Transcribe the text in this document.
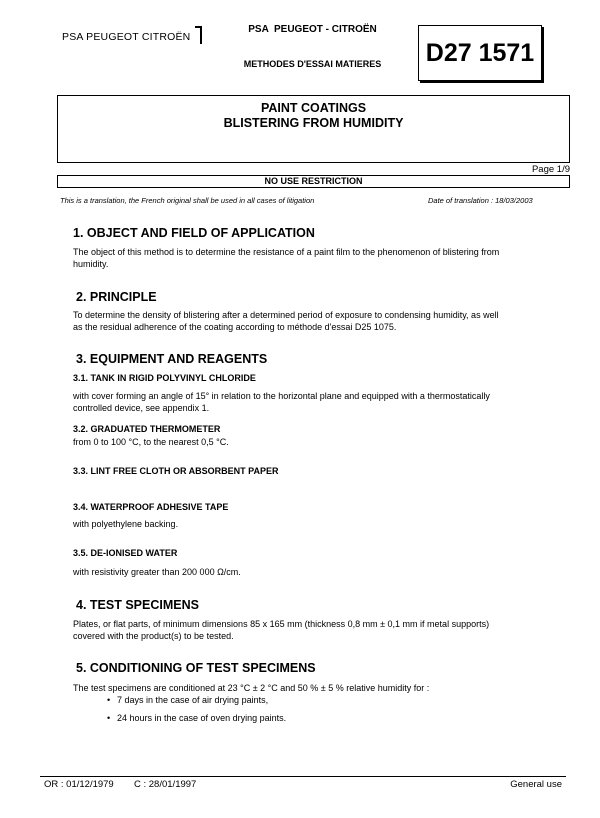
PSA PEUGEOT CITROËN
PSA  PEUGEOT - CITROËN
METHODES D'ESSAI MATIERES	D27 1571
PAINT COATINGS
BLISTERING FROM HUMIDITY
Page 1/9
NO USE RESTRICTION
This is a translation, the French original shall be used in all cases of litigation	Date of translation : 18/03/2003
1. OBJECT AND FIELD OF APPLICATION
The object of this method is to determine the resistance of a paint film to the phenomenon of blistering from
humidity.
2. PRINCIPLE
To determine the density of blistering after a determined period of exposure to condensing humidity, as well
as the residual adherence of the coating according to méthode d'essai D25 1075.
3. EQUIPMENT AND REAGENTS
3.1. TANK IN RIGID POLYVINYL CHLORIDE
with cover forming an angle of 15° in relation to the horizontal plane and equipped with a thermostatically
controlled device, see appendix 1.
3.2. GRADUATED THERMOMETER
from 0 to 100 °C, to the nearest 0,5 °C.
3.3. LINT FREE CLOTH OR ABSORBENT PAPER
3.4. WATERPROOF ADHESIVE TAPE
with polyethylene backing.
3.5. DE-IONISED WATER
with resistivity greater than 200 000 Ω/cm.
4. TEST SPECIMENS
Plates, or flat parts, of minimum dimensions 85 x 165 mm (thickness 0,8 mm ± 0,1 mm if metal supports)
covered with the product(s) to be tested.
5. CONDITIONING OF TEST SPECIMENS
The test specimens are conditioned at 23 °C ± 2 °C and 50 % ± 5 % relative humidity for :
• 7 days in the case of air drying paints,
• 24 hours in the case of oven drying paints.
OR : 01/12/1979 C : 28/01/1997	General use
